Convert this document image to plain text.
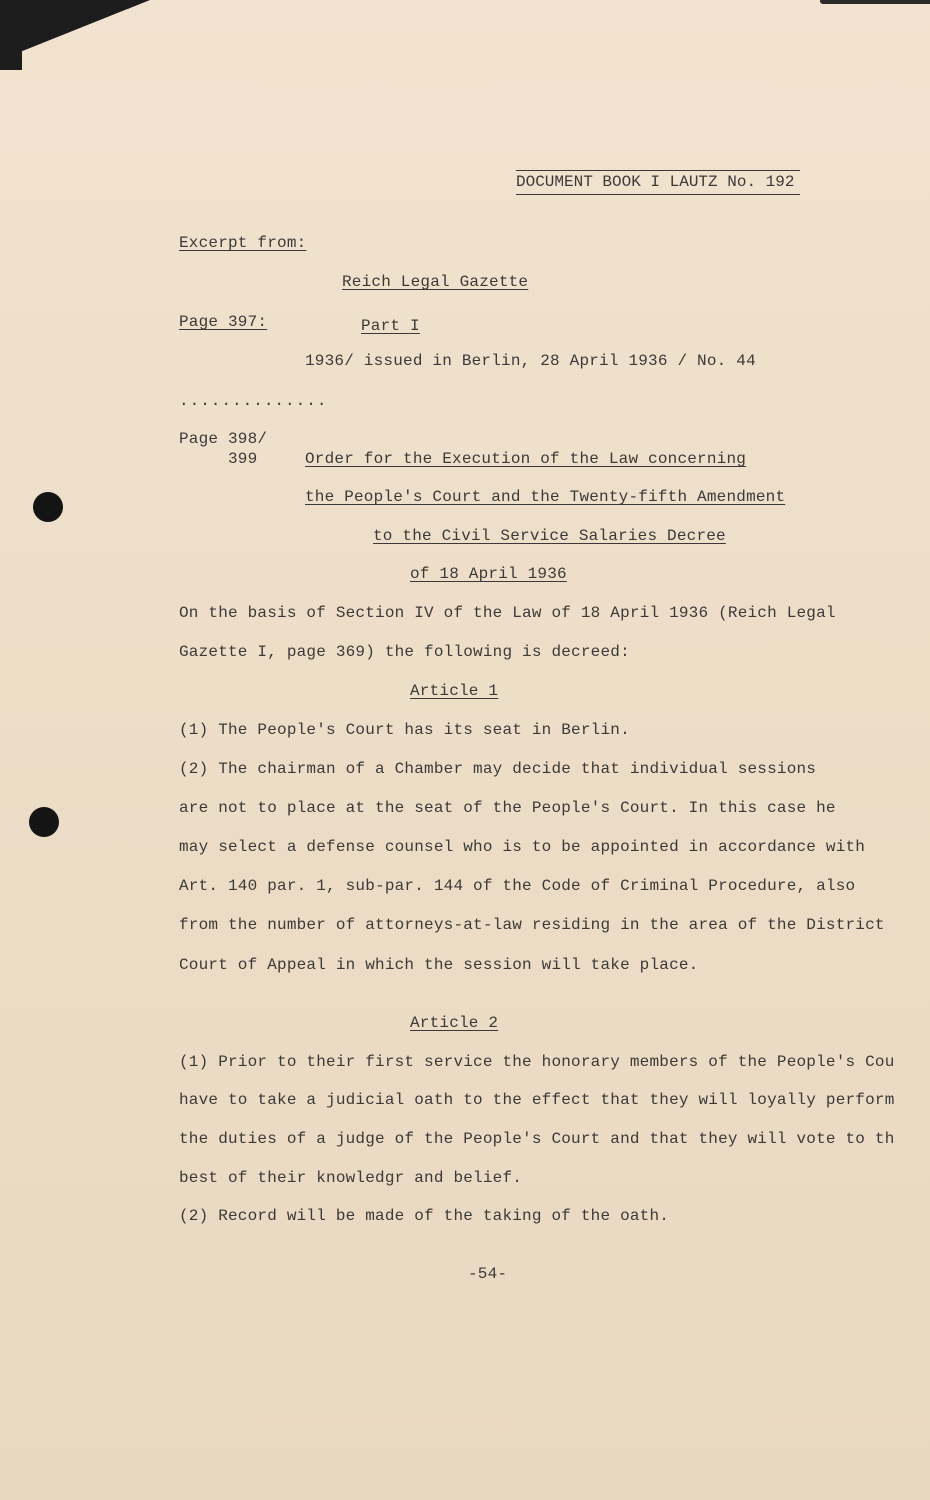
DOCUMENT BOOK I LAUTZ No. 192
Excerpt from:
Reich Legal Gazette
Page 397:	Part I
1936/ issued in Berlin, 28 April 1936 / No. 44
..............
Page 398/
399	Order for the Execution of the Law concerning
the People's Court and the Twenty-fifth Amendment
to the Civil Service Salaries Decree
of 18 April 1936
On the basis of Section IV of the Law of 18 April 1936 (Reich Legal
Gazette I, page 369) the following is decreed:
Article 1
(1) The People's Court has its seat in Berlin.
(2) The chairman of a Chamber may decide that individual sessions
are not to place at the seat of the People's Court. In this case he
may select a defense counsel who is to be appointed in accordance with
Art. 140 par. 1, sub-par. 144 of the Code of Criminal Procedure, also
from the number of attorneys-at-law residing in the area of the District
Court of Appeal in which the session will take place.
Article 2
(1) Prior to their first service the honorary members of the People's Cou
have to take a judicial oath to the effect that they will loyally perform
the duties of a judge of the People's Court and that they will vote to th
best of their knowledgr and belief.
(2) Record will be made of the taking of the oath.
-54-
